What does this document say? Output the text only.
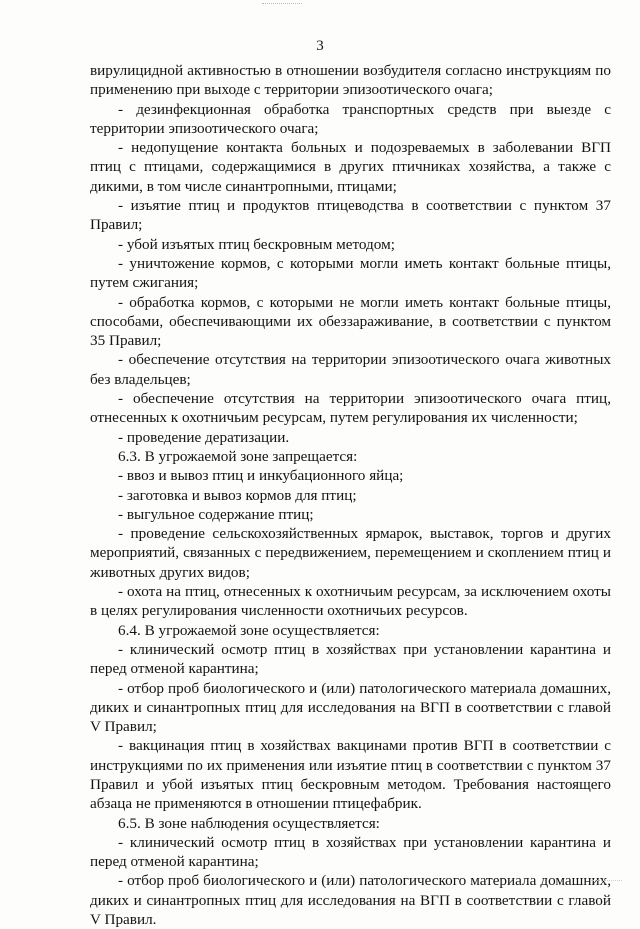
3

вирулицидной активностью в отношении возбудителя согласно инструкциям по применению при выходе с территории эпизоотического очага;

- дезинфекционная обработка транспортных средств при выезде с территории эпизоотического очага;

- недопущение контакта больных и подозреваемых в заболевании ВГП птиц с птицами, содержащимися в других птичниках хозяйства, а также с дикими, в том числе синантропными, птицами;

- изъятие птиц и продуктов птицеводства в соответствии с пунктом 37 Правил;

- убой изъятых птиц бескровным методом;

- уничтожение кормов, с которыми могли иметь контакт больные птицы, путем сжигания;

- обработка кормов, с которыми не могли иметь контакт больные птицы, способами, обеспечивающими их обеззараживание, в соответствии с пунктом 35 Правил;

- обеспечение отсутствия на территории эпизоотического очага животных без владельцев;

- обеспечение отсутствия на территории эпизоотического очага птиц, отнесенных к охотничьим ресурсам, путем регулирования их численности;

- проведение дератизации.

6.3. В угрожаемой зоне запрещается:

- ввоз и вывоз птиц и инкубационного яйца;

- заготовка и вывоз кормов для птиц;

- выгульное содержание птиц;

- проведение сельскохозяйственных ярмарок, выставок, торгов и других мероприятий, связанных с передвижением, перемещением и скоплением птиц и животных других видов;

- охота на птиц, отнесенных к охотничьим ресурсам, за исключением охоты в целях регулирования численности охотничьих ресурсов.

6.4. В угрожаемой зоне осуществляется:

- клинический осмотр птиц в хозяйствах при установлении карантина и перед отменой карантина;

- отбор проб биологического и (или) патологического материала домашних, диких и синантропных птиц для исследования на ВГП в соответствии с главой V Правил;

- вакцинация птиц в хозяйствах вакцинами против ВГП в соответствии с инструкциями по их применения или изъятие птиц в соответствии с пунктом 37 Правил и убой изъятых птиц бескровным методом. Требования настоящего абзаца не применяются в отношении птицефабрик.

6.5. В зоне наблюдения осуществляется:

- клинический осмотр птиц в хозяйствах при установлении карантина и перед отменой карантина;

- отбор проб биологического и (или) патологического материала домашних, диких и синантропных птиц для исследования на ВГП в соответствии с главой V Правил.
